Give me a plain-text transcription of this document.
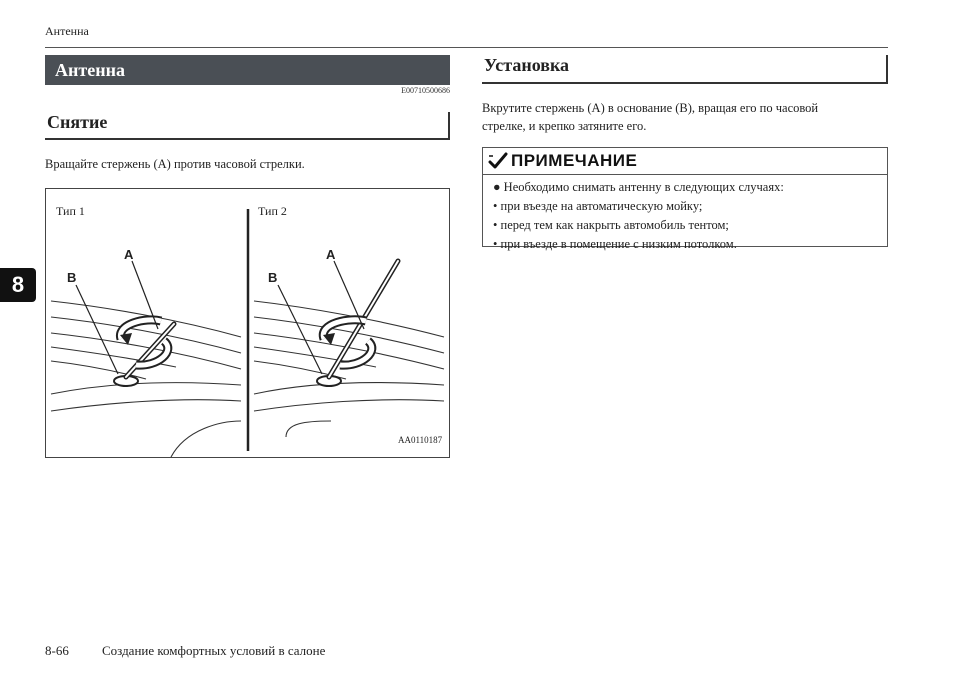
Антенна
8
Антенна
E00710500686
Снятие
Вращайте стержень (A) против часовой стрелки.
Тип 1	Тип 2
A
B
A
B
AA0110187
Установка
Вкрутите стержень (A) в основание (B), вращая его по часовой
стрелке, и крепко затяните его.
ПРИМЕЧАНИЕ
● Необходимо снимать антенну в следующих случаях:
• при въезде на автоматическую мойку;
• перед тем как накрыть автомобиль тентом;
• при въезде в помещение с низким потолком.
8-66	Создание комфортных условий в салоне
